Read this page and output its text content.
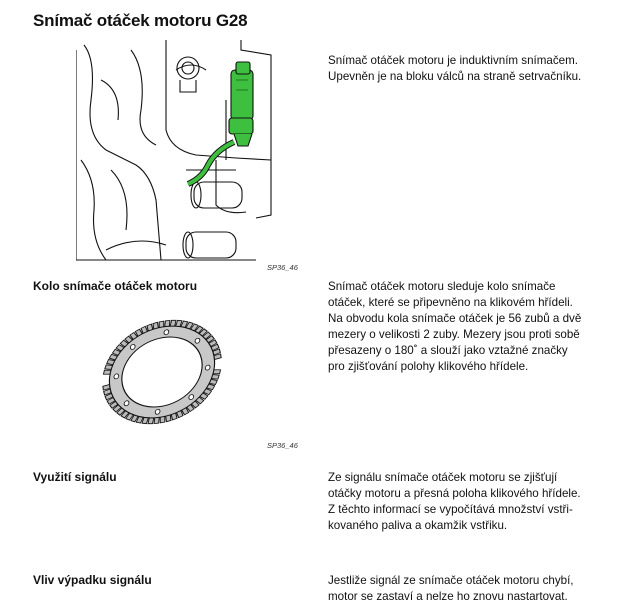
Snímač otáček motoru G28
SP36_46
Snímač otáček motoru je induktivním snímačem.
Upevněn je na bloku válců na straně setrvačníku.
Kolo snímače otáček motoru
SP36_46
Snímač otáček motoru sleduje kolo snímače
otáček, které se připevněno na klikovém hřídeli.
Na obvodu kola snímače otáček je 56 zubů a dvě
mezery o velikosti 2 zuby. Mezery jsou proti sobě
přesazeny o 180˚ a slouží jako vztažné značky
pro zjišťování polohy klikového hřídele.
Využití signálu	Ze signálu snímače otáček motoru se zjišťují
otáčky motoru a přesná poloha klikového hřídele.
Z těchto informací se vypočítává množství vstři-
kovaného paliva a okamžik vstřiku.
Vliv výpadku signálu	Jestliže signál ze snímače otáček motoru chybí,
motor se zastaví a nelze ho znovu nastartovat.
